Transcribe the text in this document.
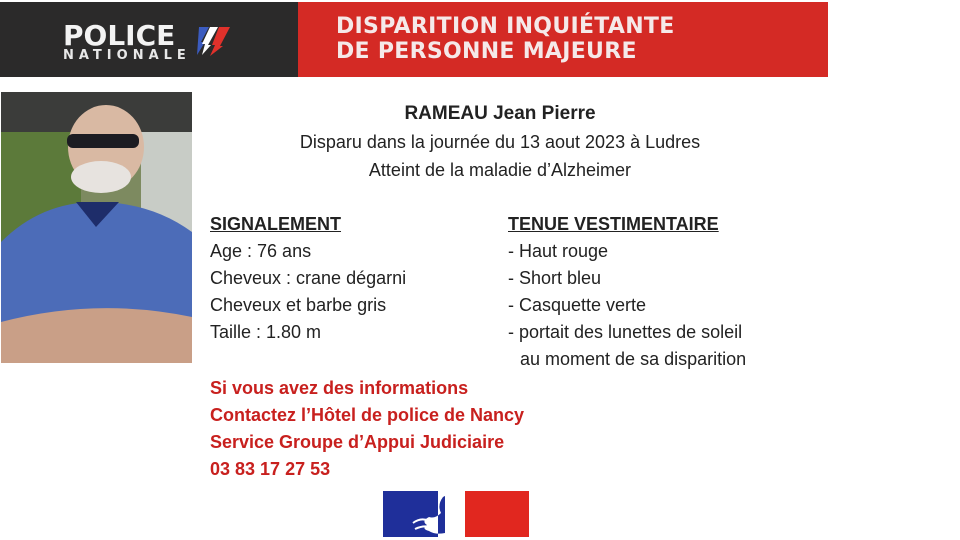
POLICE
NATIONALE
DISPARITION INQUIÉTANTE
DE PERSONNE MAJEURE
RAMEAU Jean Pierre
Disparu dans la journée du 13 aout 2023 à Ludres
Atteint de la maladie d’Alzheimer
SIGNALEMENT
Age : 76 ans
Cheveux : crane dégarni
Cheveux et barbe gris
Taille : 1.80 m
TENUE VESTIMENTAIRE
- Haut rouge
- Short bleu
- Casquette verte
- portait des lunettes de soleil
au moment de sa disparition
Si vous avez des informations
Contactez l’Hôtel de police de Nancy
Service Groupe d’Appui Judiciaire
03 83 17 27 53
